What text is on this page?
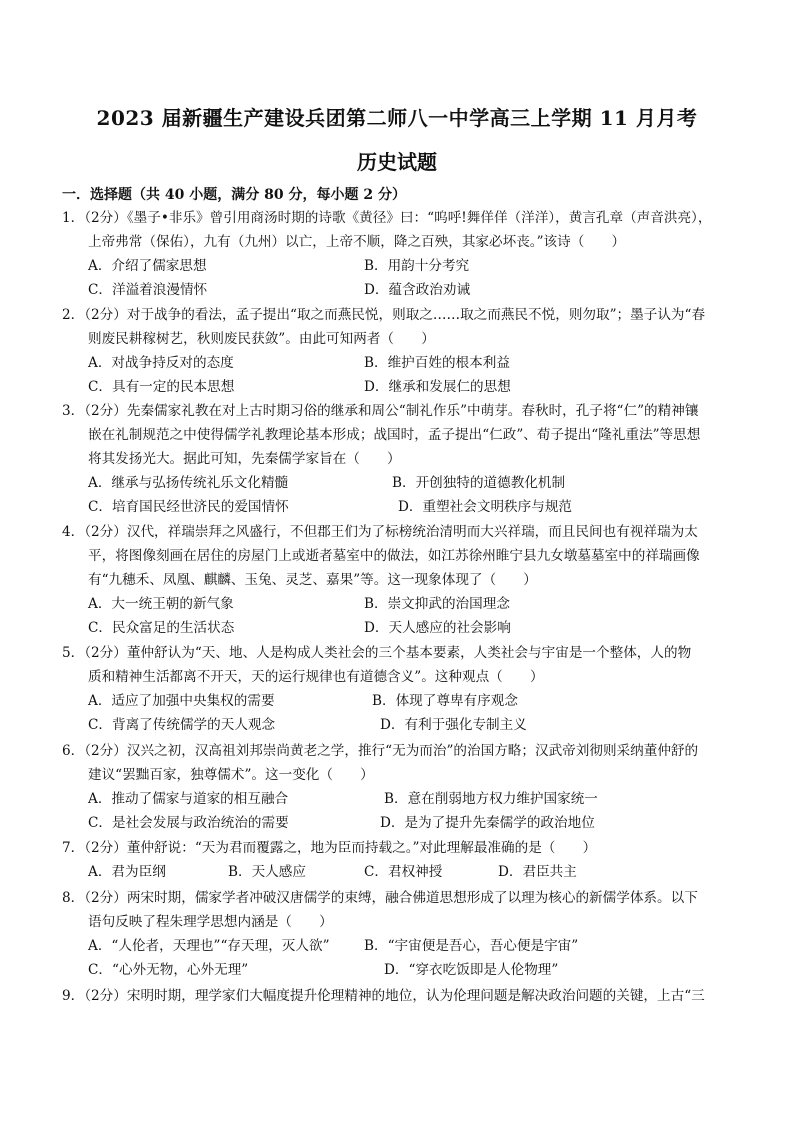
2023 届新疆生产建设兵团第二师八一中学高三上学期 11 月月考
历史试题
一．选择题（共 40 小题，满分 80 分，每小题 2 分）
1．（2分）《墨子•非乐》曾引用商汤时期的诗歌《黄径》曰：“呜呼!舞佯佯（洋洋），黄言孔章（声音洪亮），
上帝弗常（保佑），九有（九州）以亡，上帝不顺，降之百殃，其家必坏丧。”该诗（　　）
A．介绍了儒家思想	B．用韵十分考究
C．洋溢着浪漫情怀	D．蕴含政治劝诫
2．（2分）对于战争的看法，孟子提出“取之而燕民悦，则取之……取之而燕民不悦，则勿取”；墨子认为“春
则废民耕稼树艺，秋则废民获敛”。由此可知两者（　　）
A．对战争持反对的态度	B．维护百姓的根本利益
C．具有一定的民本思想	D．继承和发展仁的思想
3．（2分）先秦儒家礼教在对上古时期习俗的继承和周公“制礼作乐”中萌芽。春秋时，孔子将“仁”的精神镶
嵌在礼制规范之中使得儒学礼教理论基本形成；战国时，孟子提出“仁政”、荀子提出“隆礼重法”等思想
将其发扬光大。据此可知，先秦儒学家旨在（　　）
A．继承与弘扬传统礼乐文化精髓	B．开创独特的道德教化机制
C．培育国民经世济民的爱国情怀	D．重塑社会文明秩序与规范
4．（2分）汉代，祥瑞崇拜之风盛行，不但郡王们为了标榜统治清明而大兴祥瑞，而且民间也有视祥瑞为太
平，将图像刻画在居住的房屋门上或逝者墓室中的做法，如江苏徐州睢宁县九女墩墓墓室中的祥瑞画像
有“九穗禾、凤凰、麒麟、玉兔、灵芝、嘉果”等。这一现象体现了（　　）
A．大一统王朝的新气象	B．崇文抑武的治国理念
C．民众富足的生活状态	D．天人感应的社会影响
5．（2分）董仲舒认为“天、地、人是构成人类社会的三个基本要素，人类社会与宇宙是一个整体，人的物
质和精神生活都离不开天，天的运行规律也有道德含义”。这种观点（　　）
A．适应了加强中央集权的需要	B．体现了尊卑有序观念
C．背离了传统儒学的天人观念	D．有利于强化专制主义
6．（2分）汉兴之初，汉高祖刘邦崇尚黄老之学，推行“无为而治”的治国方略；汉武帝刘彻则采纳董仲舒的
建议“罢黜百家，独尊儒术”。这一变化（　　）
A．推动了儒家与道家的相互融合	B．意在削弱地方权力维护国家统一
C．是社会发展与政治统治的需要	D．是为了提升先秦儒学的政治地位
7．（2分）董仲舒说：“天为君而覆露之，地为臣而持载之。”对此理解最准确的是（　　）
A．君为臣纲	B．天人感应	C．君权神授	D．君臣共主
8．（2分）两宋时期，儒家学者冲破汉唐儒学的束缚，融合佛道思想形成了以理为核心的新儒学体系。以下
语句反映了程朱理学思想内涵是（　　）
A．“人伦者，天理也”“存天理，灭人欲”	B．“宇宙便是吾心，吾心便是宇宙”
C．“心外无物，心外无理”	D．“穿衣吃饭即是人伦物理”
9．（2分）宋明时期，理学家们大幅度提升伦理精神的地位，认为伦理问题是解决政治问题的关键，上古“三
